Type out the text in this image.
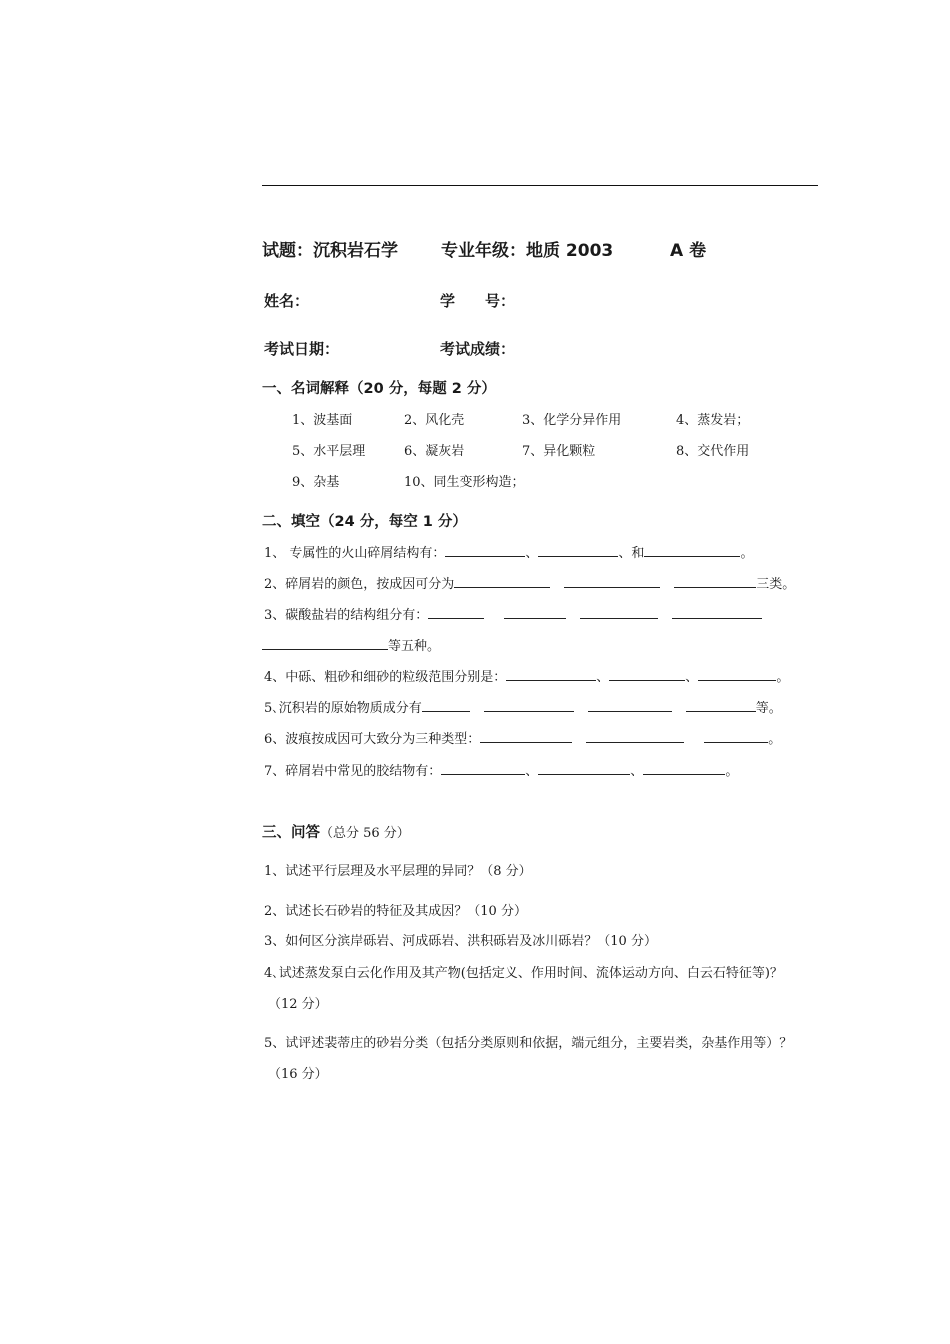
试题：沉积岩石学	专业年级：地质 2003	A 卷
姓名：	学　　号：
考试日期：	考试成绩：
一、名词解释（20 分，每题 2 分）
1、波基面	2、风化壳	3、化学分异作用	4、蒸发岩；
5、水平层理	6、凝灰岩	7、异化颗粒	8、交代作用
9、杂基	10、同生变形构造；
二、填空（24 分，每空 1 分）
1、 专属性的火山碎屑结构有：	、	、和	。
2、碎屑岩的颜色，按成因可分为	三类。
3、碳酸盐岩的结构组分有：
等五种。
4、中砾、粗砂和细砂的粒级范围分别是：	、	、	。
5､沉积岩的原始物质成分有	等。
6、波痕按成因可大致分为三种类型：	。
7、碎屑岩中常见的胶结物有：	、	、	。
三、问答（总分 56 分）
1、试述平行层理及水平层理的异同？（8 分）
2、试述长石砂岩的特征及其成因？（10 分）
3、如何区分滨岸砾岩、河成砾岩、洪积砾岩及冰川砾岩？（10 分）
4､试述蒸发泵白云化作用及其产物(包括定义、作用时间、流体运动方向、白云石特征等)？
（12 分）
5、试评述裴蒂庄的砂岩分类（包括分类原则和依据，端元组分，主要岩类，杂基作用等）？
（16 分）
